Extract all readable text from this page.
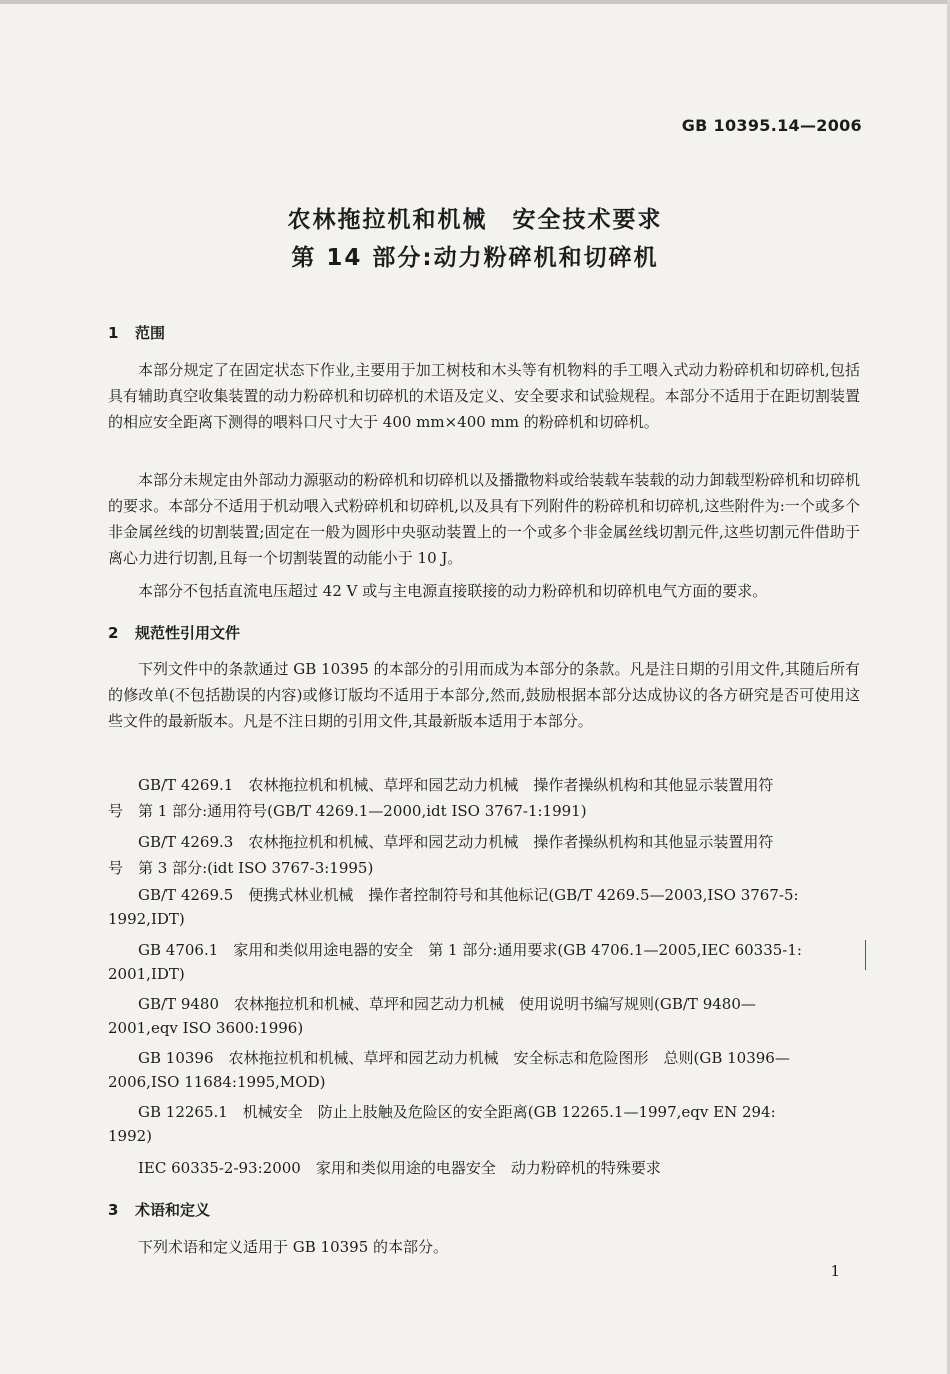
GB 10395.14—2006
农林拖拉机和机械　安全技术要求
第 14 部分:动力粉碎机和切碎机
1 范围

本部分规定了在固定状态下作业,主要用于加工树枝和木头等有机物料的手工喂入式动力粉碎机和切碎机,包括具有辅助真空收集装置的动力粉碎机和切碎机的术语及定义、安全要求和试验规程。本部分不适用于在距切割装置的相应安全距离下测得的喂料口尺寸大于 400 mm×400 mm 的粉碎机和切碎机。

本部分未规定由外部动力源驱动的粉碎机和切碎机以及播撒物料或给装载车装载的动力卸载型粉碎机和切碎机的要求。本部分不适用于机动喂入式粉碎机和切碎机,以及具有下列附件的粉碎机和切碎机,这些附件为:一个或多个非金属丝线的切割装置;固定在一般为圆形中央驱动装置上的一个或多个非金属丝线切割元件,这些切割元件借助于离心力进行切割,且每一个切割装置的动能小于 10 J。

本部分不包括直流电压超过 42 V 或与主电源直接联接的动力粉碎机和切碎机电气方面的要求。

2 规范性引用文件

下列文件中的条款通过 GB 10395 的本部分的引用而成为本部分的条款。凡是注日期的引用文件,其随后所有的修改单(不包括勘误的内容)或修订版均不适用于本部分,然而,鼓励根据本部分达成协议的各方研究是否可使用这些文件的最新版本。凡是不注日期的引用文件,其最新版本适用于本部分。

GB/T 4269.1　农林拖拉机和机械、草坪和园艺动力机械　操作者操纵机构和其他显示装置用符
号　第 1 部分:通用符号(GB/T 4269.1—2000,idt ISO 3767-1:1991)
GB/T 4269.3　农林拖拉机和机械、草坪和园艺动力机械　操作者操纵机构和其他显示装置用符
号　第 3 部分:(idt ISO 3767-3:1995)
GB/T 4269.5　便携式林业机械　操作者控制符号和其他标记(GB/T 4269.5—2003,ISO 3767-5:
1992,IDT)
GB 4706.1　家用和类似用途电器的安全　第 1 部分:通用要求(GB 4706.1—2005,IEC 60335-1:
2001,IDT)
GB/T 9480　农林拖拉机和机械、草坪和园艺动力机械　使用说明书编写规则(GB/T 9480—
2001,eqv ISO 3600:1996)
GB 10396　农林拖拉机和机械、草坪和园艺动力机械　安全标志和危险图形　总则(GB 10396—
2006,ISO 11684:1995,MOD)
GB 12265.1　机械安全　防止上肢触及危险区的安全距离(GB 12265.1—1997,eqv EN 294:
1992)
IEC 60335-2-93:2000　家用和类似用途的电器安全　动力粉碎机的特殊要求
3 术语和定义

下列术语和定义适用于 GB 10395 的本部分。

1
